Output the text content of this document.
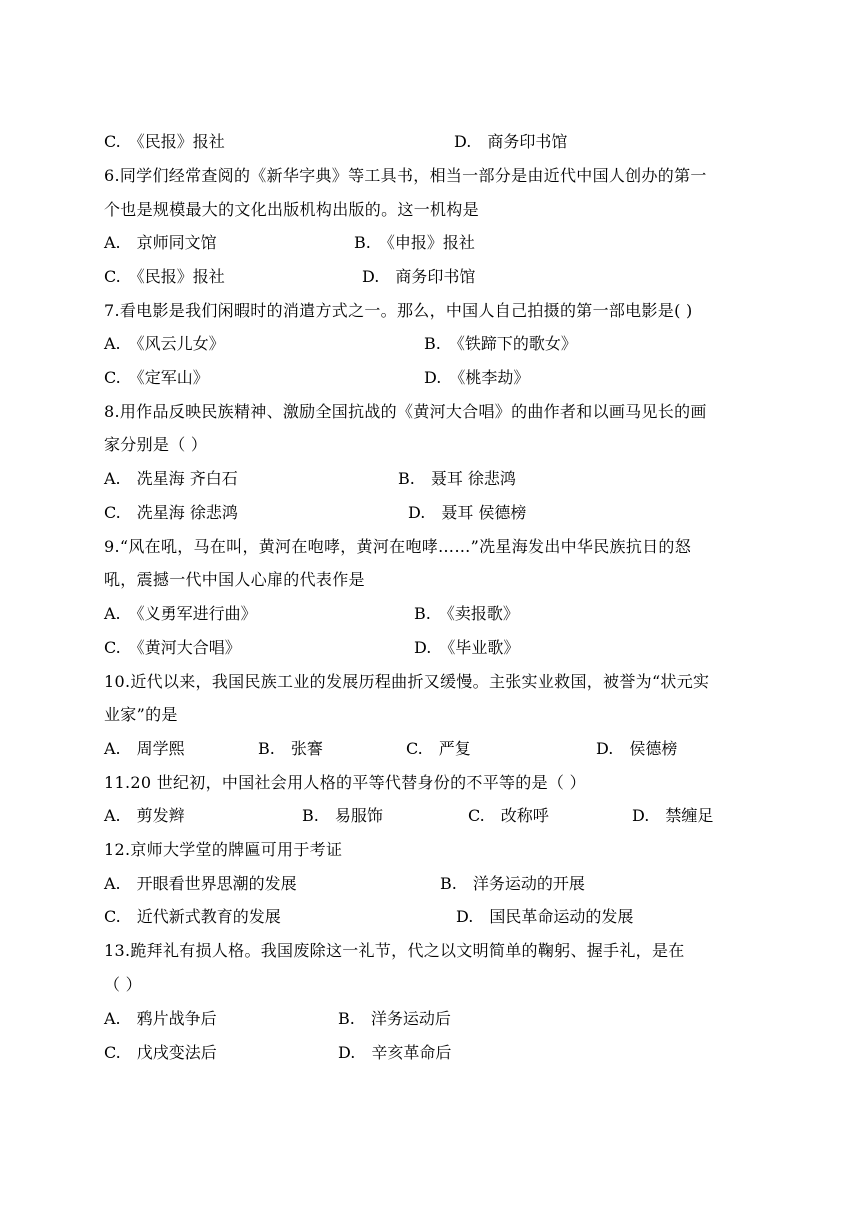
C.　《民报》报社	D.　商务印书馆
6.同学们经常查阅的《新华字典》等工具书，相当一部分是由近代中国人创办的第一
个也是规模最大的文化出版机构出版的。这一机构是
A.　京师同文馆	B.　《申报》报社
C.　《民报》报社	D.　商务印书馆
7.看电影是我们闲暇时的消遣方式之一。那么，中国人自己拍摄的第一部电影是( )
A.　《风云儿女》	B.　《铁蹄下的歌女》
C.　《定军山》	D.　《桃李劫》
8.用作品反映民族精神、激励全国抗战的《黄河大合唱》的曲作者和以画马见长的画
家分别是（ ）
A.　冼星海 齐白石	B.　聂耳 徐悲鸿
C.　冼星海 徐悲鸿	D.　聂耳 侯德榜
9.“风在吼，马在叫，黄河在咆哮，黄河在咆哮……”冼星海发出中华民族抗日的怒
吼，震撼一代中国人心扉的代表作是
A.　《义勇军进行曲》	B.　《卖报歌》
C.　《黄河大合唱》	D.　《毕业歌》
10.近代以来，我国民族工业的发展历程曲折又缓慢。主张实业救国，被誉为“状元实
业家”的是
A.　周学熙	B.　张謇	C.　严复	D.　侯德榜
11.20 世纪初，中国社会用人格的平等代替身份的不平等的是（ ）
A.　剪发辫	B.　易服饰	C.　改称呼	D.　禁缠足
12.京师大学堂的牌匾可用于考证
A.　开眼看世界思潮的发展	B.　洋务运动的开展
C.　近代新式教育的发展	D.　国民革命运动的发展
13.跪拜礼有损人格。我国废除这一礼节，代之以文明简单的鞠躬、握手礼，是在
（ ）
A.　鸦片战争后	B.　洋务运动后
C.　戊戌变法后	D.　辛亥革命后
